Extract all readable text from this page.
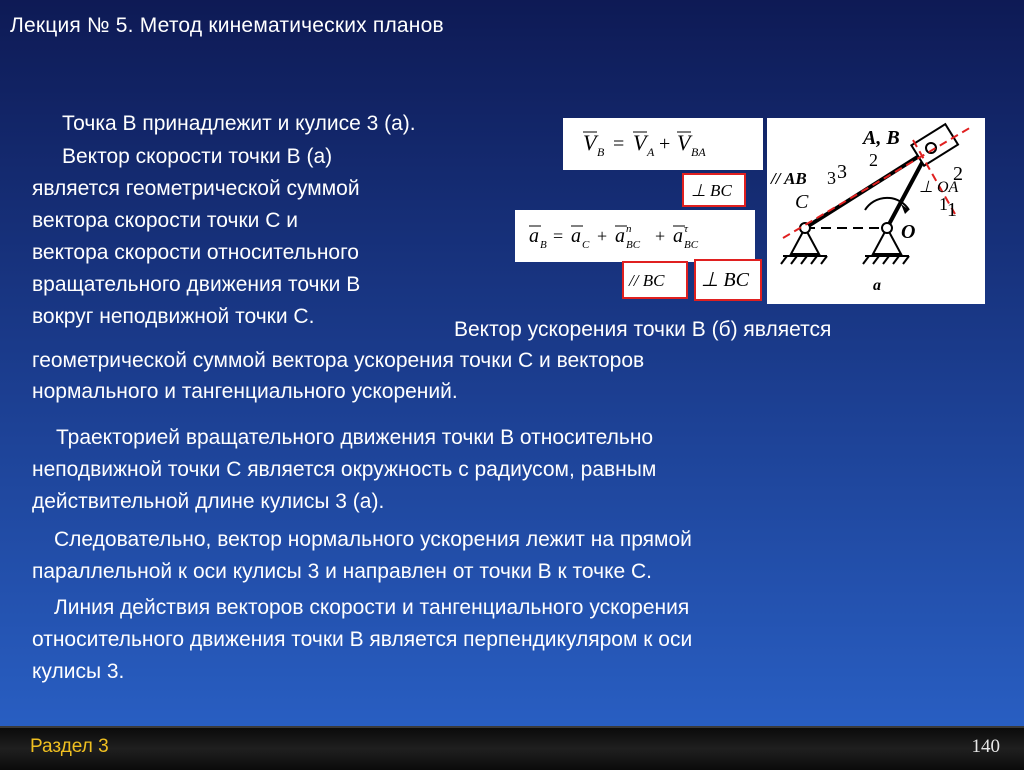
Лекция № 5. Метод кинематических планов

Точка В принадлежит и кулисе 3 (а).

Вектор скорости точки В (а)
является геометрической суммой
вектора скорости точки С и
вектора скорости относительного
вращательного движения точки В
вокруг неподвижной точки С.

Вектор ускорения точки В (б) является
геометрической суммой вектора ускорения точки С и векторов
нормального и тангенциального ускорений.

Траекторией вращательного движения точки В относительно
неподвижной точки С является окружность с радиусом, равным
действительной длине кулисы 3 (а).

Следовательно, вектор нормального ускорения лежит на прямой
параллельной к оси кулисы 3 и направлен от точки В к точке С.

Линия действия векторов скорости и тангенциального ускорения
относительного движения точки В является перпендикуляром к оси
кулисы 3.

V B = V A + V BA
⊥ BC
a B = a C + a n
BC + a τ
BC
// BC ⊥ BC
A, B
2
2
3
3
// AB
C
⊥ OA
1
1
O
a
Раздел 3	140
